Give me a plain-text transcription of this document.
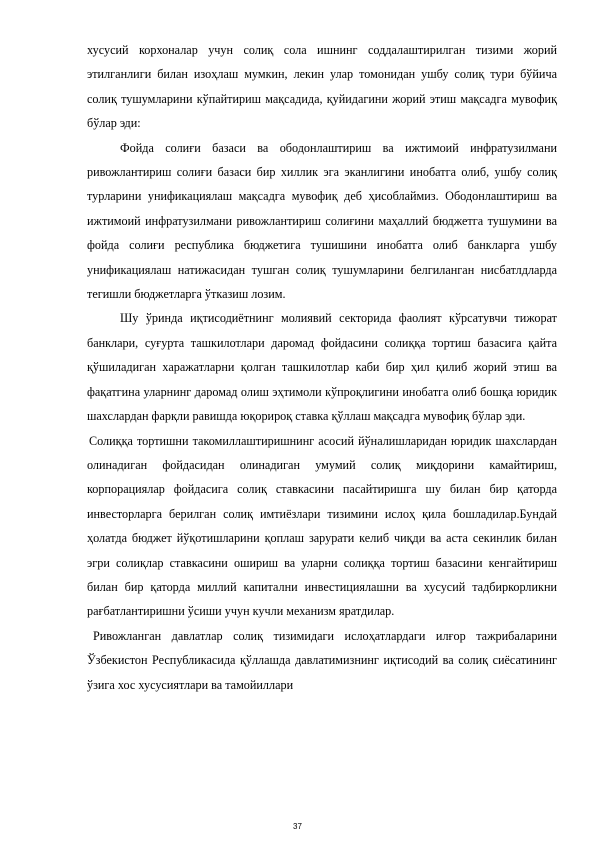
хусусий корхоналар учун солиқ сола ишнинг соддалаштирилган тизими жорий этилганлиги билан изоҳлаш мумкин, лекин улар томонидан ушбу солиқ тури бўйича солиқ тушумларини кўпайтириш мақсадида, қуйидагини жорий этиш мақсадга мувофиқ бўлар эди:

Фойда солиғи базаси ва ободонлаштириш ва ижтимоий инфратузилмани ривожлантириш солиғи базаси бир хиллик эга эканлигини инобатга олиб, ушбу солиқ турларини унификациялаш мақсадга мувофиқ деб ҳисоблаймиз. Ободонлаштириш ва ижтимоий инфратузилмани ривожлантириш солиғини маҳаллий бюджетга тушумини ва фойда солиғи республика бюджетига тушишини инобатга олиб банкларга ушбу унификациялаш натижасидан тушган солиқ тушумларини белгиланган нисбатлдларда тегишли бюджетларга ўтказиш лозим.

Шу ўринда иқтисодиётнинг молиявий секторида фаолият кўрсатувчи тижорат банклари, суғурта ташкилотлари даромад фойдасини солиққа тортиш базасига қайта қўшиладиган харажатларни қолган ташкилотлар каби бир ҳил қилиб жорий этиш ва фақатгина уларнинг даромад олиш эҳтимоли кўпроқлигини инобатга олиб бошқа юридик шахслардан фарқли равишда юқорироқ ставка қўллаш мақсадга мувофиқ бўлар эди.

Солиққа тортишни такомиллаштиришнинг асосий йўналишларидан юридик шахслардан олинадиган фойдасидан олинадиган умумий солиқ миқдорини камайтириш, корпорациялар фойдасига солиқ ставкасини пасайтиришга шу билан бир қаторда инвесторларга берилган солиқ имтиёзлари тизимини ислоҳ қила бошладилар.Бундай ҳолатда бюджет йўқотишларини қоплаш зарурати келиб чиқди ва аста секинлик билан эгри солиқлар ставкасини ошириш ва уларни солиққа тортиш базасини кенгайтириш билан бир қаторда миллий капитални инвестициялашни ва хусусий тадбиркорликни рағбатлантиришни ўсиши учун кучли механизм яратдилар.

Ривожланган давлатлар солиқ тизимидаги ислоҳатлардаги илғор тажрибаларини Ўзбекистон Республикасида қўллашда давлатимизнинг иқтисодий ва солиқ сиёсатининг ўзига хос хусусиятлари ва тамойиллари

37
